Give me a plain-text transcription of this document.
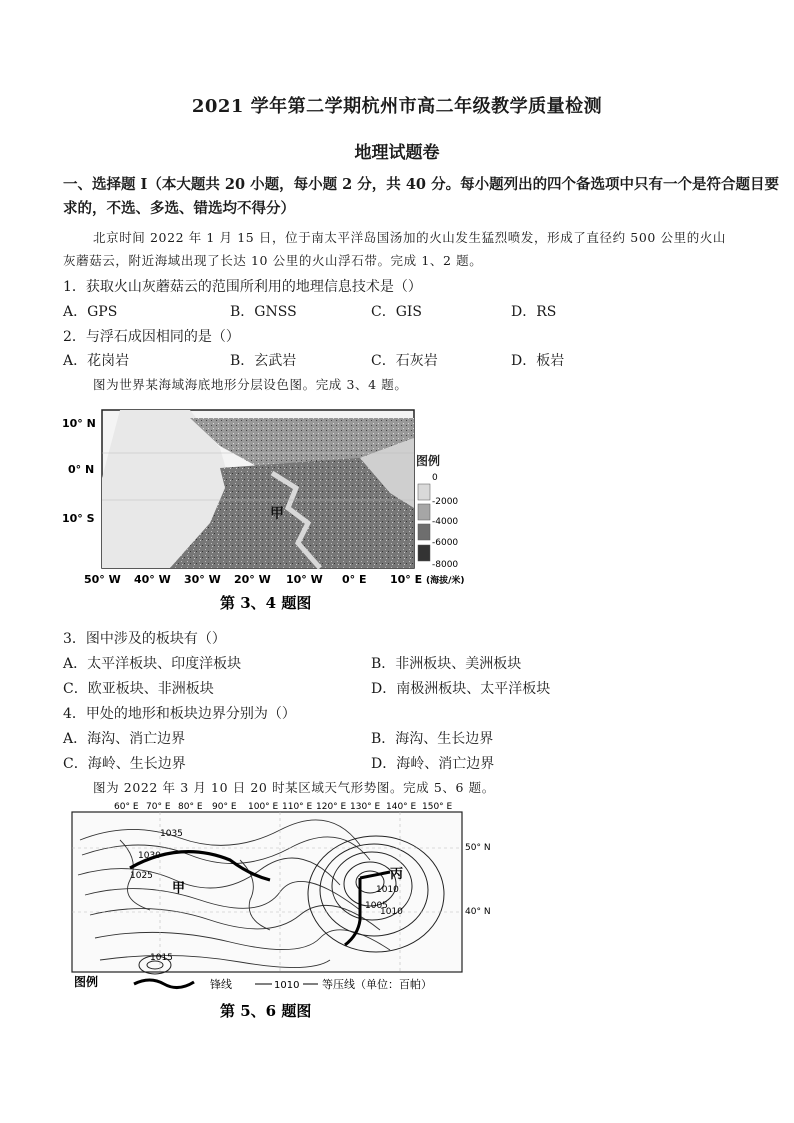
2021 学年第二学期杭州市高二年级教学质量检测
地理试题卷
一、选择题 I（本大题共 20 小题，每小题 2 分，共 40 分。每小题列出的四个备选项中只有一个是符合题目要
求的，不选、多选、错选均不得分）
北京时间 2022 年 1 月 15 日，位于南太平洋岛国汤加的火山发生猛烈喷发，形成了直径约 500 公里的火山
灰蘑菇云，附近海域出现了长达 10 公里的火山浮石带。完成 1、2 题。
1．获取火山灰蘑菇云的范围所利用的地理信息技术是（）
A．GPS	B．GNSS	C．GIS	D．RS
2．与浮石成因相同的是（）
A．花岗岩	B．玄武岩	C．石灰岩	D．板岩
图为世界某海域海底地形分层设色图。完成 3、4 题。
10° N
0° N
10° S
50° W 40° W 30° W 20° W 10° W 0° E 10° E
甲
图例
0
-2000
-4000
-6000
-8000
(海拔/米)
第 3、4 题图
3．图中涉及的板块有（）
A．太平洋板块、印度洋板块	B．非洲板块、美洲板块
C．欧亚板块、非洲板块	D．南极洲板块、太平洋板块
4．甲处的地形和板块边界分别为（）
A．海沟、消亡边界	B．海沟、生长边界
C．海岭、生长边界	D．海岭、消亡边界
图为 2022 年 3 月 10 日 20 时某区域天气形势图。完成 5、6 题。
甲
丙
1035
1030
1025
1010
1005
1010
1015
60° E 70° E 80° E 90° E 100° E 110° E 120° E 130° E 140° E 150° E
50° N
40° N
图例	锋线	1010 等压线（单位：百帕）
第 5、6 题图
